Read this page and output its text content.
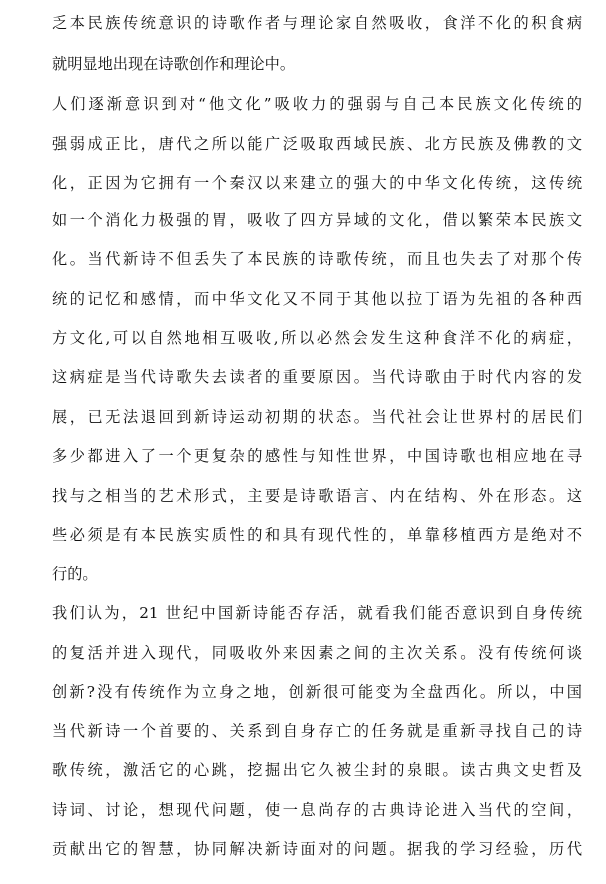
乏本民族传统意识的诗歌作者与理论家自然吸收，食洋不化的积食病
就明显地出现在诗歌创作和理论中。
人们逐渐意识到对“他文化”吸收力的强弱与自己本民族文化传统的
强弱成正比，唐代之所以能广泛吸取西域民族、北方民族及佛教的文
化，正因为它拥有一个秦汉以来建立的强大的中华文化传统，这传统
如一个消化力极强的胃，吸收了四方异域的文化，借以繁荣本民族文
化。当代新诗不但丢失了本民族的诗歌传统，而且也失去了对那个传
统的记忆和感情，而中华文化又不同于其他以拉丁语为先祖的各种西
方文化,可以自然地相互吸收,所以必然会发生这种食洋不化的病症，
这病症是当代诗歌失去读者的重要原因。当代诗歌由于时代内容的发
展，已无法退回到新诗运动初期的状态。当代社会让世界村的居民们
多少都进入了一个更复杂的感性与知性世界，中国诗歌也相应地在寻
找与之相当的艺术形式，主要是诗歌语言、内在结构、外在形态。这
些必须是有本民族实质性的和具有现代性的，单靠移植西方是绝对不
行的。
我们认为，21 世纪中国新诗能否存活，就看我们能否意识到自身传统
的复活并进入现代，同吸收外来因素之间的主次关系。没有传统何谈
创新?没有传统作为立身之地，创新很可能变为全盘西化。所以，中国
当代新诗一个首要的、关系到自身存亡的任务就是重新寻找自己的诗
歌传统，激活它的心跳，挖掘出它久被尘封的泉眼。读古典文史哲及
诗词、讨论，想现代问题，使一息尚存的古典诗论进入当代的空间，
贡献出它的智慧，协同解决新诗面对的问题。据我的学习经验，历代
